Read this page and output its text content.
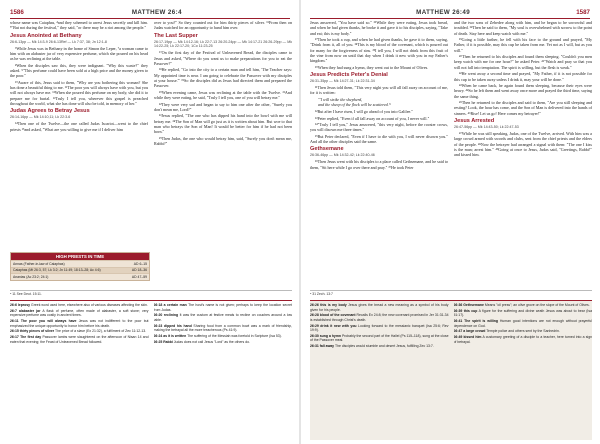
1586	MATTHEW 26:4

whose name was Caiaphas, ⁴and they schemed to arrest Jesus secretly and kill him. ⁵"But not during the festival," they said, "or there may be a riot among the people."

Jesus Anointed at Bethany
26:6-13pp — Mk 14:3-9 26:6-13Ref — Lk 7:37, 38; Jn 12:1-8

⁶While Jesus was in Bethany in the home of Simon the Leper, ⁷a woman came to him with an alabaster jar of very expensive perfume, which she poured on his head as he was reclining at the table.

⁸When the disciples saw this, they were indignant. "Why this waste?" they asked. ⁹"This perfume could have been sold at a high price and the money given to the poor."

¹⁰Aware of this, Jesus said to them, "Why are you bothering this woman? She has done a beautiful thing to me. ¹¹The poor you will always have with you, but you will not always have me. ¹²When she poured this perfume on my body, she did it to prepare me for burial. ¹³Truly I tell you, wherever this gospel is preached throughout the world, what she has done will also be told, in memory of her."

Judas Agrees to Betray Jesus
26:14-16pp — Mk 14:10,11; Lk 22:3-6

¹⁴Then one of the Twelve—the one called Judas Iscariot—went to the chief priests ¹⁵and asked, "What are you willing to give me if I deliver him

over to you?" So they counted out for him thirty pieces of silver. ¹⁶From then on Judas watched for an opportunity to hand him over.

The Last Supper
26:17-19pp — Mk 14:12-16; Lk 22:7-13 26:20-24pp — Mk 14:17-21 26:26-29pp — Mk 14:22-25; Lk 22:17-20; 1Co 11:23-25

¹⁷On the first day of the Festival of Unleavened Bread, the disciples came to Jesus and asked, "Where do you want us to make preparations for you to eat the Passover?"

¹⁸He replied, "Go into the city to a certain man and tell him, 'The Teacher says: My appointed time is near. I am going to celebrate the Passover with my disciples at your house.'" ¹⁹So the disciples did as Jesus had directed them and prepared the Passover.

²⁰When evening came, Jesus was reclining at the table with the Twelve. ²¹And while they were eating, he said, "Truly I tell you, one of you will betray me."

²²They were very sad and began to say to him one after the other, "Surely you don't mean me, Lord?"

²³Jesus replied, "The one who has dipped his hand into the bowl with me will betray me. ²⁴The Son of Man will go just as it is written about him. But woe to that man who betrays the Son of Man! It would be better for him if he had not been born."

²⁵Then Judas, the one who would betray him, said, "Surely you don't mean me, Rabbi?"

HIGH PRIESTS IN TIME
Annas (Father-in-law of Caiaphas)	AD 6–15
Caiaphas (Mt 26:3, 57; Lk 3:2; Jn 11:49; 18:13–28; Ac 4:6)	AD 18–36
Ananias (Ac 23:2; 24:1)	AD 47–59
ᵃ 11 See Deut. 15:11.

26:6 leprosy Greek word used here, elsewhere also of various diseases affecting the skin.

26:7 alabaster jar A flask of perfume, often made of alabaster, a soft stone; very expensive perfume was costly in ancient times.

26:11 The poor you will always have Jesus was not indifferent to the poor but emphasized the unique opportunity to honor him before his death.

26:15 thirty pieces of silver The price of a slave (Ex 21:32), a fulfilment of Zec 11:12-13.

26:17 The first day Passover lambs were slaughtered on the afternoon of Nisan 14 and eaten that evening; the Feast of Unleavened Bread followed.

26:18 a certain man The host's name is not given; perhaps to keep the location secret from Judas.

26:20 reclining It was the custom at festive meals to recline on couches around a low table.

26:23 dipped his hand Sharing food from a common bowl was a mark of friendship, making the betrayal all the more treacherous (Ps 41:9).

26:24 as it is written The suffering of the Messiah was foretold in Scripture (Isa 53).

26:25 Rabbi Judas does not call Jesus "Lord" as the others do.

MATTHEW 26:49	1587

Jesus answered, "You have said so." ²⁶While they were eating, Jesus took bread, and when he had given thanks, he broke it and gave it to his disciples, saying, "Take and eat; this is my body."

²⁷Then he took a cup, and when he had given thanks, he gave it to them, saying, "Drink from it, all of you. ²⁸This is my blood of the covenant, which is poured out for many for the forgiveness of sins. ²⁹I tell you, I will not drink from this fruit of the vine from now on until that day when I drink it new with you in my Father's kingdom."

³⁰When they had sung a hymn, they went out to the Mount of Olives.

Jesus Predicts Peter's Denial
26:31-35pp — Mk 14:27-31; Lk 22:31-34

³¹Then Jesus told them, "This very night you will all fall away on account of me, for it is written:

"'I will strike the shepherd,
and the sheep of the flock will be scattered.'ᵃ

³²But after I have risen, I will go ahead of you into Galilee."

³³Peter replied, "Even if all fall away on account of you, I never will."

³⁴"Truly I tell you," Jesus answered, "this very night, before the rooster crows, you will disown me three times."

³⁵But Peter declared, "Even if I have to die with you, I will never disown you." And all the other disciples said the same.

Gethsemane
26:36-46pp — Mk 14:32-42; Lk 22:40-46

³⁶Then Jesus went with his disciples to a place called Gethsemane, and he said to them, "Sit here while I go over there and pray." ³⁷He took Peter

and the two sons of Zebedee along with him, and he began to be sorrowful and troubled. ³⁸Then he said to them, "My soul is overwhelmed with sorrow to the point of death. Stay here and keep watch with me."

³⁹Going a little farther, he fell with his face to the ground and prayed, "My Father, if it is possible, may this cup be taken from me. Yet not as I will, but as you will."

⁴⁰Then he returned to his disciples and found them sleeping. "Couldn't you men keep watch with me for one hour?" he asked Peter. ⁴¹"Watch and pray so that you will not fall into temptation. The spirit is willing, but the flesh is weak."

⁴²He went away a second time and prayed, "My Father, if it is not possible for this cup to be taken away unless I drink it, may your will be done."

⁴³When he came back, he again found them sleeping, because their eyes were heavy. ⁴⁴So he left them and went away once more and prayed the third time, saying the same thing.

⁴⁵Then he returned to the disciples and said to them, "Are you still sleeping and resting? Look, the hour has come, and the Son of Man is delivered into the hands of sinners. ⁴⁶Rise! Let us go! Here comes my betrayer!"

Jesus Arrested
26:47-56pp — Mk 14:43-50; Lk 22:47-53

⁴⁷While he was still speaking, Judas, one of the Twelve, arrived. With him was a large crowd armed with swords and clubs, sent from the chief priests and the elders of the people. ⁴⁸Now the betrayer had arranged a signal with them: "The one I kiss is the man; arrest him." ⁴⁹Going at once to Jesus, Judas said, "Greetings, Rabbi!" and kissed him.

ᵃ 31 Zech. 13:7

26:26 this is my body Jesus gives the bread a new meaning as a symbol of his body given for his people.

26:28 blood of the covenant Recalls Ex 24:8; the new covenant promised in Jer 31:31-34 is established through Christ's death.

26:29 drink it new with you Looking forward to the messianic banquet (Isa 25:6; Rev 19:9).

26:30 sung a hymn Probably the second part of the Hallel (Ps 115–118), sung at the close of the Passover meal.

26:31 fall away The disciples would stumble and desert Jesus, fulfilling Zec 13:7.

26:36 Gethsemane Means "oil press"; an olive grove on the slope of the Mount of Olives.

26:39 this cup A figure for the suffering and divine wrath Jesus was about to bear (Isa 51:17).

26:41 The spirit is willing Human good intentions are not enough without prayerful dependence on God.

26:47 a large crowd Temple police and others sent by the Sanhedrin.

26:49 kissed him A customary greeting of a disciple to a teacher, here turned into a sign of betrayal.
